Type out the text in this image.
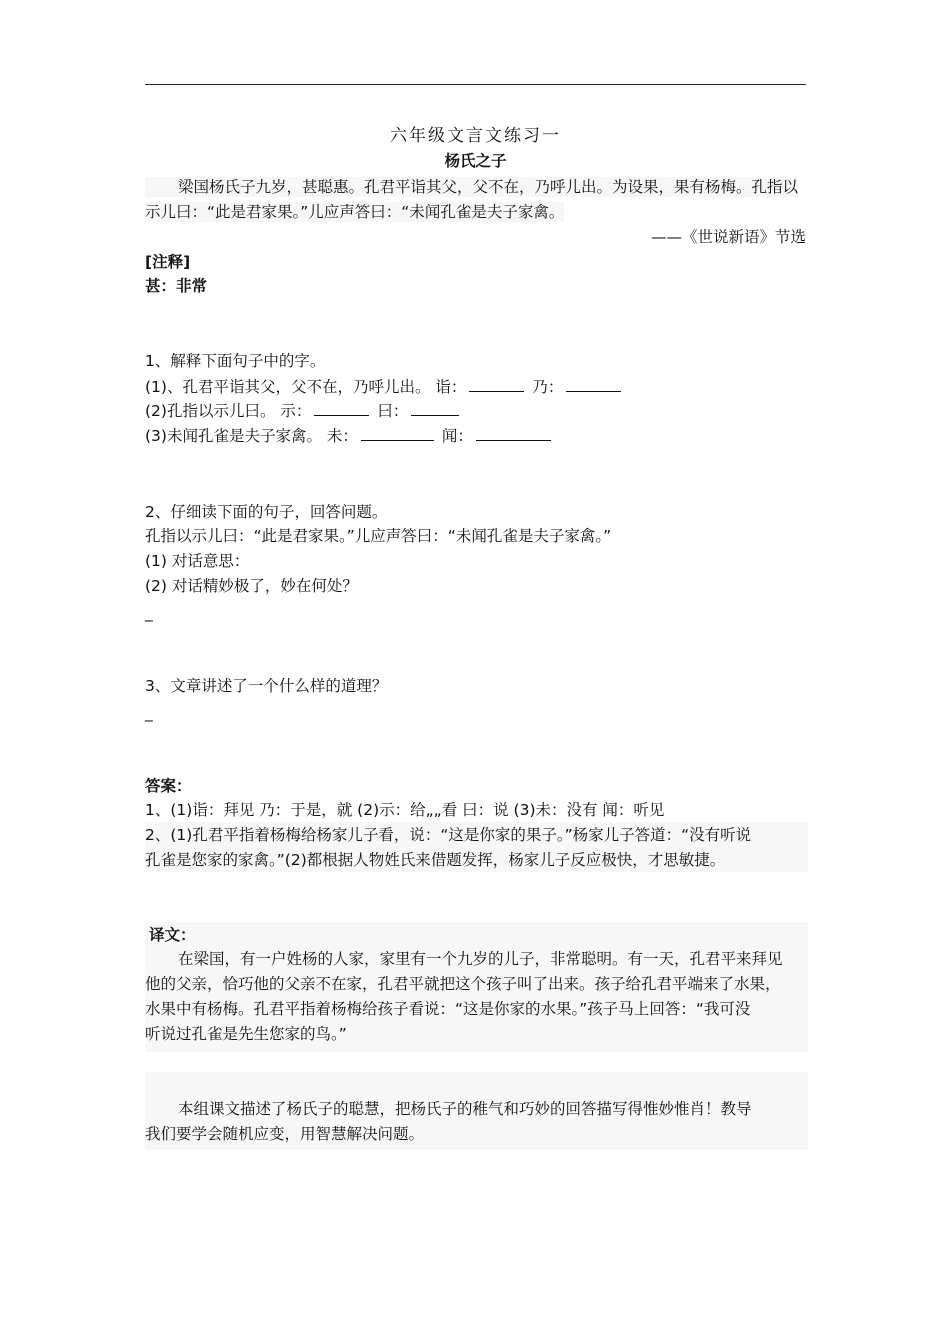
六年级文言文练习一
杨氏之子
梁国杨氏子九岁，甚聪惠。孔君平诣其父，父不在，乃呼儿出。为设果，果有杨梅。孔指以
示儿曰：“此是君家果。”儿应声答曰：“未闻孔雀是夫子家禽。
——《世说新语》节选
[注释]
甚：非常
1、解释下面句子中的字。
(1)、孔君平诣其父，父不在，乃呼儿出。 诣：	乃：
(2)孔指以示儿曰。 示：	曰：
(3)未闻孔雀是夫子家禽。 未：	闻：
2、仔细读下面的句子，回答问题。
孔指以示儿曰：“此是君家果。”儿应声答曰：“未闻孔雀是夫子家禽。”
(1) 对话意思：
(2) 对话精妙极了，妙在何处？
_
3、文章讲述了一个什么样的道理？
_
答案：
1、(1)诣：拜见 乃：于是，就 (2)示：给„„看 曰：说 (3)未：没有 闻：听见
2、(1)孔君平指着杨梅给杨家儿子看，说：“这是你家的果子。”杨家儿子答道：“没有听说
孔雀是您家的家禽。”(2)都根据人物姓氏来借题发挥，杨家儿子反应极快，才思敏捷。
译文：
在梁国，有一户姓杨的人家，家里有一个九岁的儿子，非常聪明。有一天，孔君平来拜见
他的父亲，恰巧他的父亲不在家，孔君平就把这个孩子叫了出来。孩子给孔君平端来了水果，
水果中有杨梅。孔君平指着杨梅给孩子看说：“这是你家的水果。”孩子马上回答：“我可没
听说过孔雀是先生您家的鸟。”
本组课文描述了杨氏子的聪慧，把杨氏子的稚气和巧妙的回答描写得惟妙惟肖！教导
我们要学会随机应变，用智慧解决问题。
